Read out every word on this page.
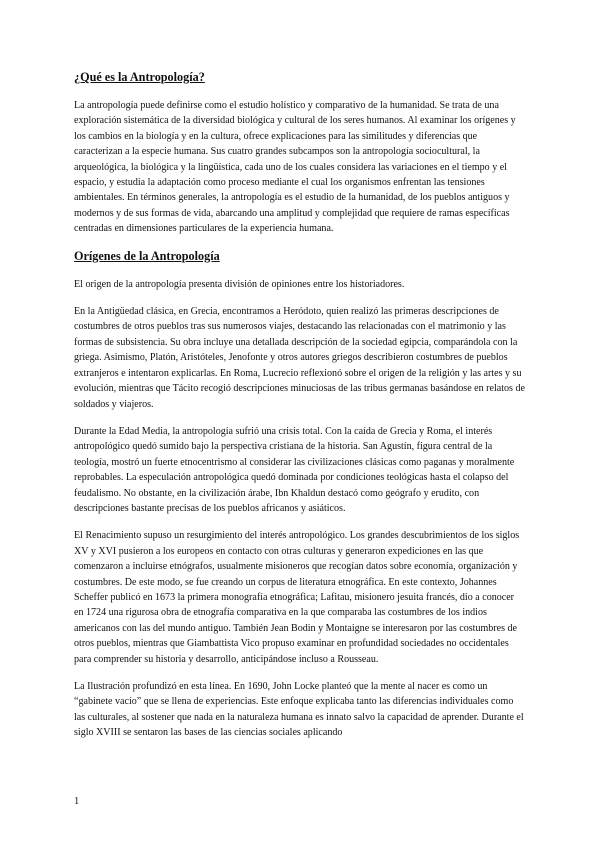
¿Qué es la Antropología?

La antropología puede definirse como el estudio holístico y comparativo de la humanidad. Se trata de una exploración sistemática de la diversidad biológica y cultural de los seres humanos. Al examinar los orígenes y los cambios en la biología y en la cultura, ofrece explicaciones para las similitudes y diferencias que caracterizan a la especie humana. Sus cuatro grandes subcampos son la antropología sociocultural, la arqueológica, la biológica y la lingüística, cada uno de los cuales considera las variaciones en el tiempo y el espacio, y estudia la adaptación como proceso mediante el cual los organismos enfrentan las tensiones ambientales. En términos generales, la antropología es el estudio de la humanidad, de los pueblos antiguos y modernos y de sus formas de vida, abarcando una amplitud y complejidad que requiere de ramas específicas centradas en dimensiones particulares de la experiencia humana.

Orígenes de la Antropología

El origen de la antropología presenta división de opiniones entre los historiadores.

En la Antigüedad clásica, en Grecia, encontramos a Heródoto, quien realizó las primeras descripciones de costumbres de otros pueblos tras sus numerosos viajes, destacando las relacionadas con el matrimonio y las formas de subsistencia. Su obra incluye una detallada descripción de la sociedad egipcia, comparándola con la griega. Asimismo, Platón, Aristóteles, Jenofonte y otros autores griegos describieron costumbres de pueblos extranjeros e intentaron explicarlas. En Roma, Lucrecio reflexionó sobre el origen de la religión y las artes y su evolución, mientras que Tácito recogió descripciones minuciosas de las tribus germanas basándose en relatos de soldados y viajeros.

Durante la Edad Media, la antropología sufrió una crisis total. Con la caída de Grecia y Roma, el interés antropológico quedó sumido bajo la perspectiva cristiana de la historia. San Agustín, figura central de la teología, mostró un fuerte etnocentrismo al considerar las civilizaciones clásicas como paganas y moralmente reprobables. La especulación antropológica quedó dominada por condiciones teológicas hasta el colapso del feudalismo. No obstante, en la civilización árabe, Ibn Khaldun destacó como geógrafo y erudito, con descripciones bastante precisas de los pueblos africanos y asiáticos.

El Renacimiento supuso un resurgimiento del interés antropológico. Los grandes descubrimientos de los siglos XV y XVI pusieron a los europeos en contacto con otras culturas y generaron expediciones en las que comenzaron a incluirse etnógrafos, usualmente misioneros que recogían datos sobre economía, organización y costumbres. De este modo, se fue creando un corpus de literatura etnográfica. En este contexto, Johannes Scheffer publicó en 1673 la primera monografía etnográfica; Lafitau, misionero jesuita francés, dio a conocer en 1724 una rigurosa obra de etnografía comparativa en la que comparaba las costumbres de los indios americanos con las del mundo antiguo. También Jean Bodin y Montaigne se interesaron por las costumbres de otros pueblos, mientras que Giambattista Vico propuso examinar en profundidad sociedades no occidentales para comprender su historia y desarrollo, anticipándose incluso a Rousseau.

La Ilustración profundizó en esta línea. En 1690, John Locke planteó que la mente al nacer es como un “gabinete vacío” que se llena de experiencias. Este enfoque explicaba tanto las diferencias individuales como las culturales, al sostener que nada en la naturaleza humana es innato salvo la capacidad de aprender. Durante el siglo XVIII se sentaron las bases de las ciencias sociales aplicando

1
